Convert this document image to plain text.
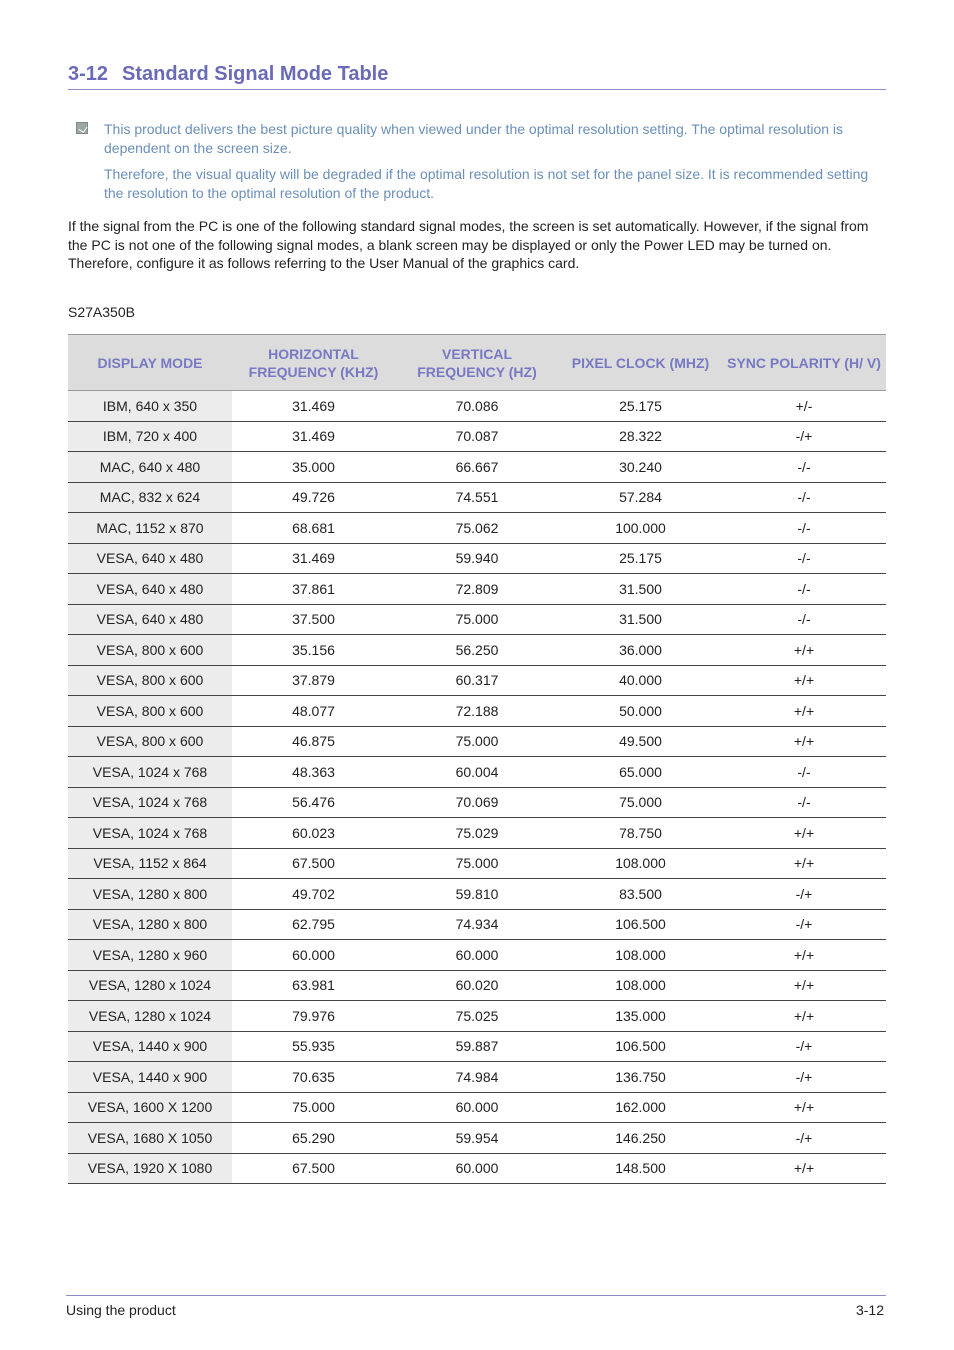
3-12 Standard Signal Mode Table

This product delivers the best picture quality when viewed under the optimal resolution setting. The optimal resolution is dependent on the screen size.

Therefore, the visual quality will be degraded if the optimal resolution is not set for the panel size. It is recommended setting the resolution to the optimal resolution of the product.

If the signal from the PC is one of the following standard signal modes, the screen is set automatically. However, if the signal from the PC is not one of the following signal modes, a blank screen may be displayed or only the Power LED may be turned on. Therefore, configure it as follows referring to the User Manual of the graphics card.

S27A350B
DISPLAY MODE	HORIZONTAL FREQUENCY (KHZ)	VERTICAL FREQUENCY (HZ)	PIXEL CLOCK (MHZ)	SYNC POLARITY (H/ V)
IBM, 640 x 350	31.469	70.086	25.175	+/-
IBM, 720 x 400	31.469	70.087	28.322	-/+
MAC, 640 x 480	35.000	66.667	30.240	-/-
MAC, 832 x 624	49.726	74.551	57.284	-/-
MAC, 1152 x 870	68.681	75.062	100.000	-/-
VESA, 640 x 480	31.469	59.940	25.175	-/-
VESA, 640 x 480	37.861	72.809	31.500	-/-
VESA, 640 x 480	37.500	75.000	31.500	-/-
VESA, 800 x 600	35.156	56.250	36.000	+/+
VESA, 800 x 600	37.879	60.317	40.000	+/+
VESA, 800 x 600	48.077	72.188	50.000	+/+
VESA, 800 x 600	46.875	75.000	49.500	+/+
VESA, 1024 x 768	48.363	60.004	65.000	-/-
VESA, 1024 x 768	56.476	70.069	75.000	-/-
VESA, 1024 x 768	60.023	75.029	78.750	+/+
VESA, 1152 x 864	67.500	75.000	108.000	+/+
VESA, 1280 x 800	49.702	59.810	83.500	-/+
VESA, 1280 x 800	62.795	74.934	106.500	-/+
VESA, 1280 x 960	60.000	60.000	108.000	+/+
VESA, 1280 x 1024	63.981	60.020	108.000	+/+
VESA, 1280 x 1024	79.976	75.025	135.000	+/+
VESA, 1440 x 900	55.935	59.887	106.500	-/+
VESA, 1440 x 900	70.635	74.984	136.750	-/+
VESA, 1600 X 1200	75.000	60.000	162.000	+/+
VESA, 1680 X 1050	65.290	59.954	146.250	-/+
VESA, 1920 X 1080	67.500	60.000	148.500	+/+
Using the product	3-12
